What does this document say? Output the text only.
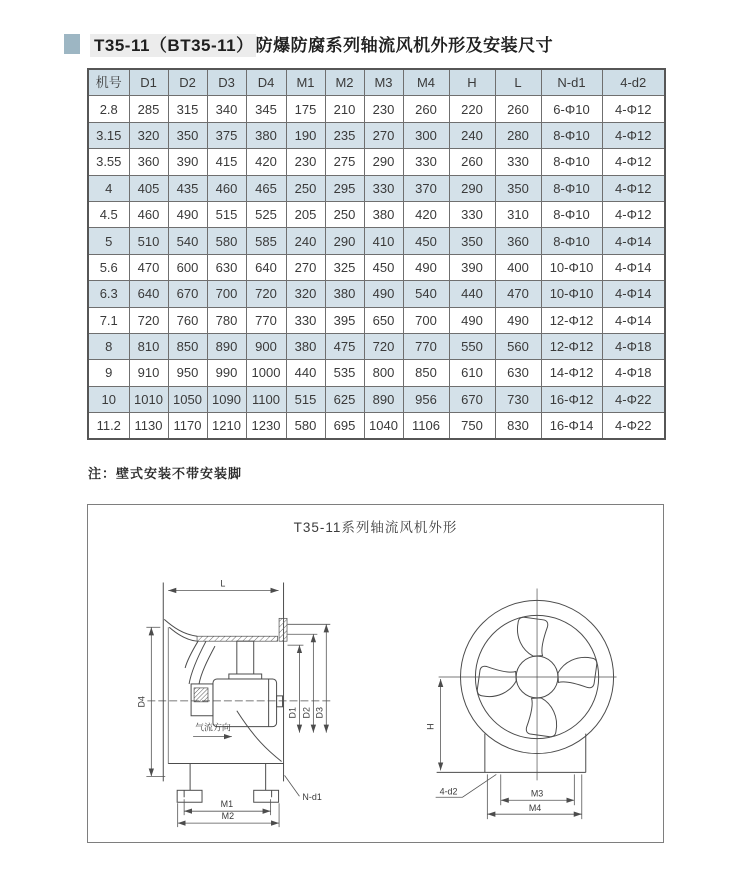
T35-11（BT35-11） 防爆防腐系列轴流风机外形及安装尺寸
机号	D1	D2	D3	D4	M1	M2	M3	M4	H	L	N-d1	4-d2
2.8	285	315	340	345	175	210	230	260	220	260	6-Φ10	4-Φ12
3.15	320	350	375	380	190	235	270	300	240	280	8-Φ10	4-Φ12
3.55	360	390	415	420	230	275	290	330	260	330	8-Φ10	4-Φ12
4	405	435	460	465	250	295	330	370	290	350	8-Φ10	4-Φ12
4.5	460	490	515	525	205	250	380	420	330	310	8-Φ10	4-Φ12
5	510	540	580	585	240	290	410	450	350	360	8-Φ10	4-Φ14
5.6	470	600	630	640	270	325	450	490	390	400	10-Φ10	4-Φ14
6.3	640	670	700	720	320	380	490	540	440	470	10-Φ10	4-Φ14
7.1	720	760	780	770	330	395	650	700	490	490	12-Φ12	4-Φ14
8	810	850	890	900	380	475	720	770	550	560	12-Φ12	4-Φ18
9	910	950	990	1000	440	535	800	850	610	630	14-Φ12	4-Φ18
10	1010	1050	1090	1100	515	625	890	956	670	730	16-Φ12	4-Φ22
11.2	1130	1170	1210	1230	580	695	1040	1106	750	830	16-Φ14	4-Φ22
注：壁式安装不带安装脚
L
D4
D1 D2 D3
气流方向
M1
M2
N-d1
H
M3
M4
4-d2
T35-11系列轴流风机外形
